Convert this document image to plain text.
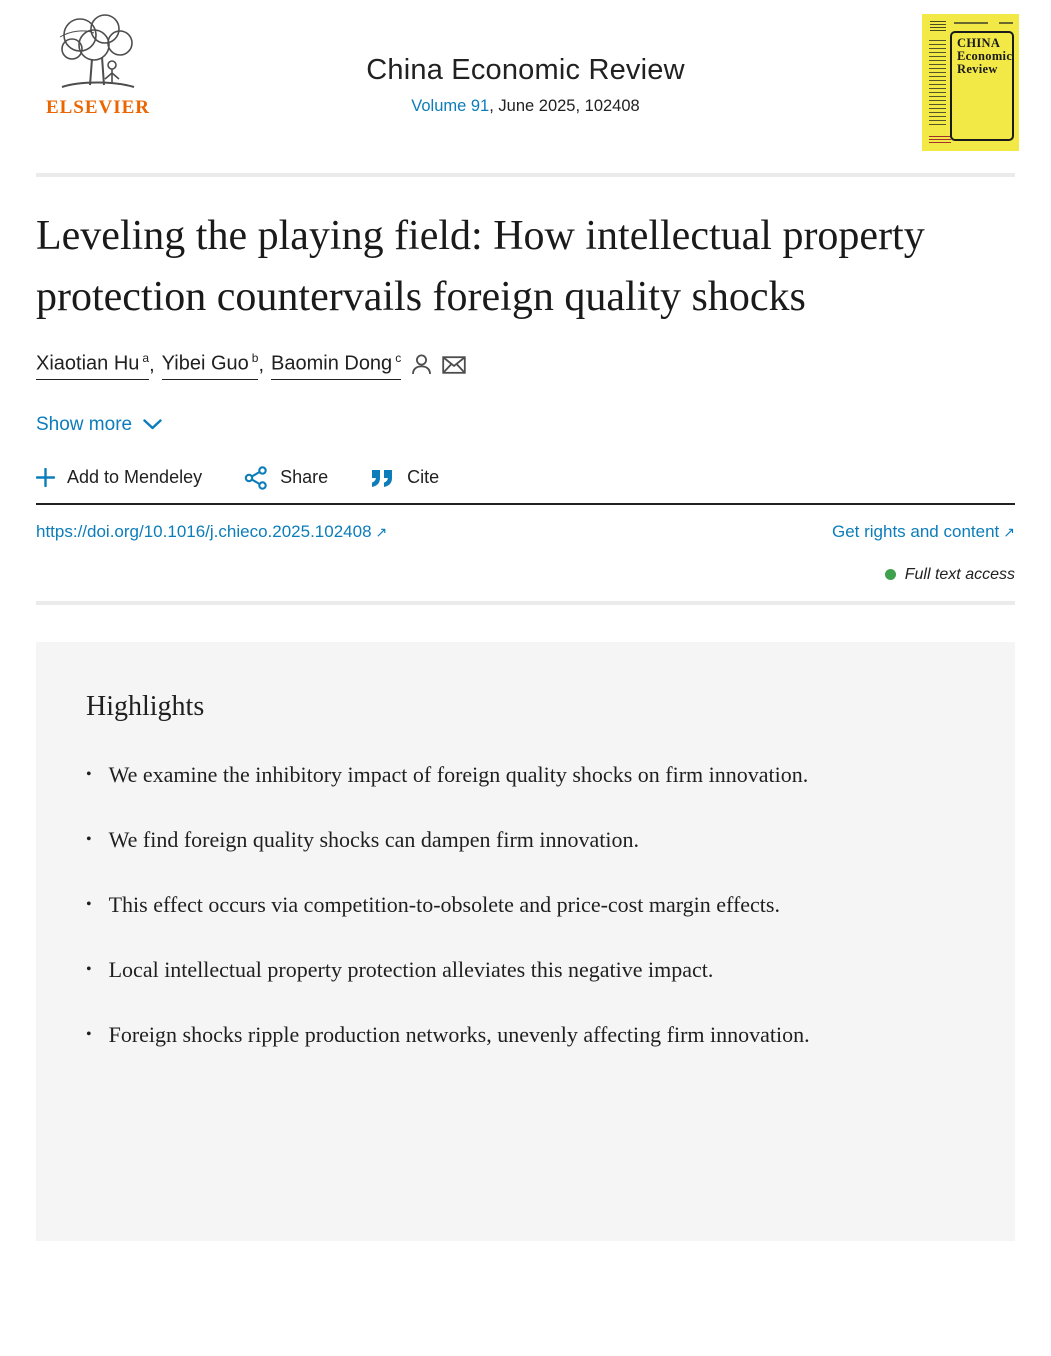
ELSEVIER
China Economic Review
Volume 91, June 2025, 102408
CHINA
Economic
Review
Leveling the playing field: How intellectual property protection countervails foreign quality shocks
Xiaotian Hu $^a$ , Yibei Guo $^b$ , Baomin Dong $^c$
Show more
Add to Mendeley	Share	Cite
https://doi.org/10.1016/j.chieco.2025.102408 ↗	Get rights and content ↗
Full text access
Highlights
• We examine the inhibitory impact of foreign quality shocks on firm innovation.
• We find foreign quality shocks can dampen firm innovation.
• This effect occurs via competition-to-obsolete and price-cost margin effects.
• Local intellectual property protection alleviates this negative impact.
• Foreign shocks ripple production networks, unevenly affecting firm innovation.
